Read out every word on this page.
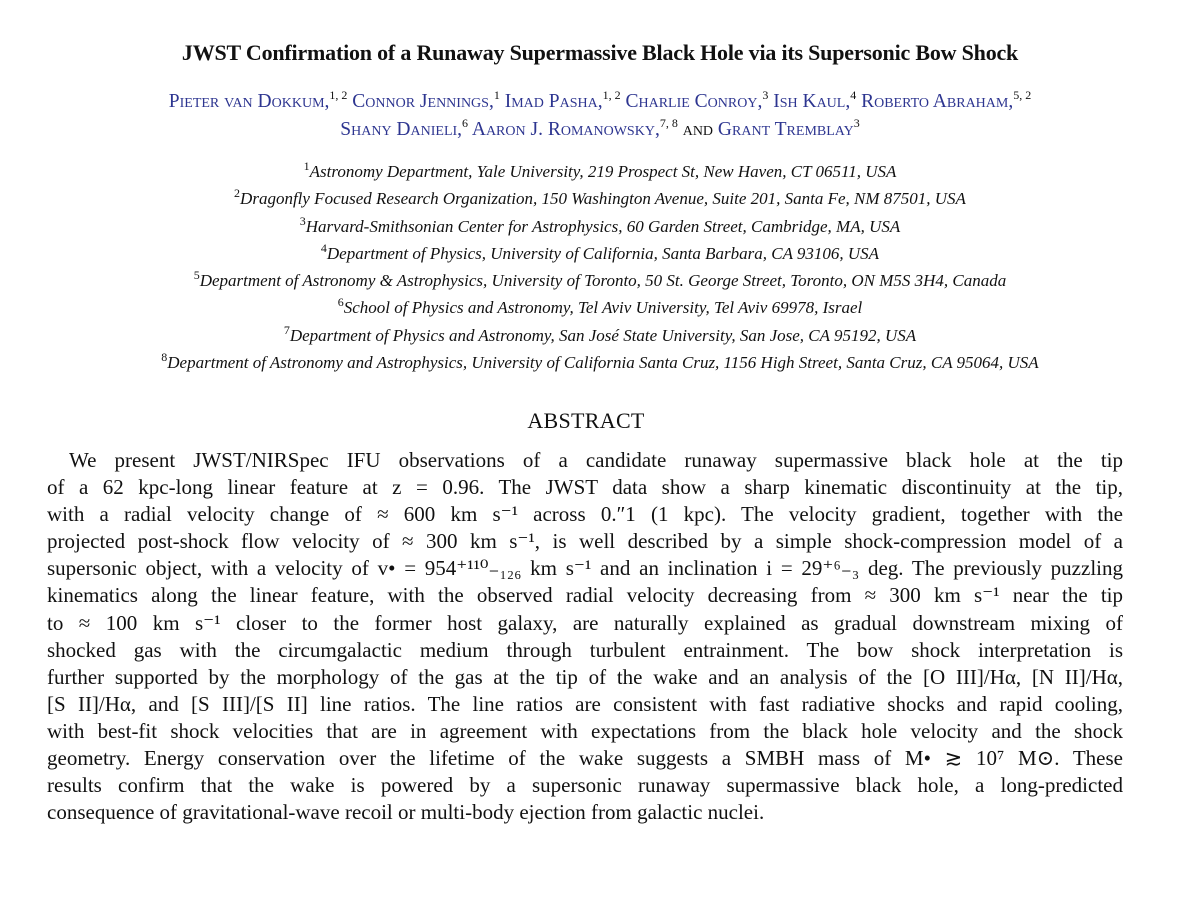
JWST Confirmation of a Runaway Supermassive Black Hole via its Supersonic Bow Shock
Pieter van Dokkum,$^{1, 2}$ Connor Jennings,$^1$ Imad Pasha,$^{1, 2}$ Charlie Conroy,$^3$ Ish Kaul,$^4$ Roberto Abraham,$^{5, 2}$
Shany Danieli,$^6$ Aaron J. Romanowsky,$^{7, 8}$ and Grant Tremblay$^3$
$^1$Astronomy Department, Yale University, 219 Prospect St, New Haven, CT 06511, USA
$^2$Dragonfly Focused Research Organization, 150 Washington Avenue, Suite 201, Santa Fe, NM 87501, USA
$^3$Harvard-Smithsonian Center for Astrophysics, 60 Garden Street, Cambridge, MA, USA
$^4$Department of Physics, University of California, Santa Barbara, CA 93106, USA
$^5$Department of Astronomy & Astrophysics, University of Toronto, 50 St. George Street, Toronto, ON M5S 3H4, Canada
$^6$School of Physics and Astronomy, Tel Aviv University, Tel Aviv 69978, Israel
$^7$Department of Physics and Astronomy, San José State University, San Jose, CA 95192, USA
$^8$Department of Astronomy and Astrophysics, University of California Santa Cruz, 1156 High Street, Santa Cruz, CA 95064, USA
ABSTRACT
We present JWST/NIRSpec IFU observations of a candidate runaway supermassive black hole at the tip
of a 62 kpc-long linear feature at z = 0.96. The JWST data show a sharp kinematic discontinuity at the tip,
with a radial velocity change of ≈ 600 km s⁻¹ across 0.″1 (1 kpc). The velocity gradient, together with the
projected post-shock flow velocity of ≈ 300 km s⁻¹, is well described by a simple shock-compression model of a
supersonic object, with a velocity of v• = 954⁺¹¹⁰₋₁₂₆ km s⁻¹ and an inclination i = 29⁺⁶₋₃ deg. The previously puzzling
kinematics along the linear feature, with the observed radial velocity decreasing from ≈ 300 km s⁻¹ near the tip
to ≈ 100 km s⁻¹ closer to the former host galaxy, are naturally explained as gradual downstream mixing of
shocked gas with the circumgalactic medium through turbulent entrainment. The bow shock interpretation is
further supported by the morphology of the gas at the tip of the wake and an analysis of the [O III]/Hα, [N II]/Hα,
[S II]/Hα, and [S III]/[S II] line ratios. The line ratios are consistent with fast radiative shocks and rapid cooling,
with best-fit shock velocities that are in agreement with expectations from the black hole velocity and the shock
geometry. Energy conservation over the lifetime of the wake suggests a SMBH mass of M• ≳ 10⁷ M⊙. These
results confirm that the wake is powered by a supersonic runaway supermassive black hole, a long-predicted
consequence of gravitational-wave recoil or multi-body ejection from galactic nuclei.
